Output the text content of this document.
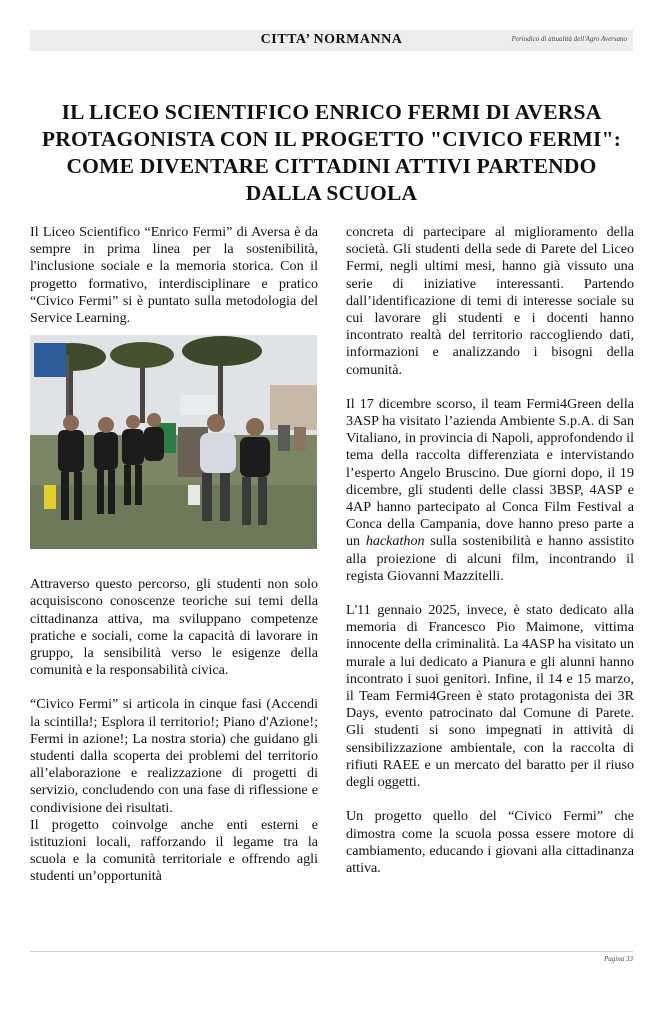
CITTA’ NORMANNA	Periodico di attualità dell'Agro Aversano
IL LICEO SCIENTIFICO ENRICO FERMI DI AVERSA PROTAGONISTA CON IL PROGETTO "CIVICO FERMI": COME DIVENTARE CITTADINI ATTIVI PARTENDO DALLA SCUOLA

Il Liceo Scientifico “Enrico Fermi” di Aversa è da sempre in prima linea per la sostenibilità, l'inclusione sociale e la memoria storica. Con il progetto formativo, interdisciplinare e pratico “Civico Fermi” si è puntato sulla metodologia del Service Learning.

Attraverso questo percorso, gli studenti non solo acquisiscono conoscenze teoriche sui temi della cittadinanza attiva, ma sviluppano competenze pratiche e sociali, come la capacità di lavorare in gruppo, la sensibilità verso le esigenze della comunità e la responsabilità civica.

“Civico Fermi” si articola in cinque fasi (Accendi la scintilla!; Esplora il territorio!; Piano d'Azione!; Fermi in azione!; La nostra storia) che guidano gli studenti dalla scoperta dei problemi del territorio all’elaborazione e realizzazione di progetti di servizio, concludendo con una fase di riflessione e condivisione dei risultati.

Il progetto coinvolge anche enti esterni e istituzioni locali, rafforzando il legame tra la scuola e la comunità territoriale e offrendo agli studenti un’opportunità

concreta di partecipare al miglioramento della società. Gli studenti della sede di Parete del Liceo Fermi, negli ultimi mesi, hanno già vissuto una serie di iniziative interessanti. Partendo dall’identificazione di temi di interesse sociale su cui lavorare gli studenti e i docenti hanno incontrato realtà del territorio raccogliendo dati, informazioni e analizzando i bisogni della comunità.

Il 17 dicembre scorso, il team Fermi4Green della 3ASP ha visitato l’azienda Ambiente S.p.A. di San Vitaliano, in provincia di Napoli, approfondendo il tema della raccolta differenziata e intervistando l’esperto Angelo Bruscino. Due giorni dopo, il 19 dicembre, gli studenti delle classi 3BSP, 4ASP e 4AP hanno partecipato al Conca Film Festival a Conca della Campania, dove hanno preso parte a un hackathon sulla sostenibilità e hanno assistito alla proiezione di alcuni film, incontrando il regista Giovanni Mazzitelli.

L'11 gennaio 2025, invece, è stato dedicato alla memoria di Francesco Pio Maimone, vittima innocente della criminalità. La 4ASP ha visitato un murale a lui dedicato a Pianura e gli alunni hanno incontrato i suoi genitori. Infine, il 14 e 15 marzo, il Team Fermi4Green è stato protagonista dei 3R Days, evento patrocinato dal Comune di Parete. Gli studenti si sono impegnati in attività di sensibilizzazione ambientale, con la raccolta di rifiuti RAEE e un mercato del baratto per il riuso degli oggetti.

Un progetto quello del “Civico Fermi” che dimostra come la scuola possa essere motore di cambiamento, educando i giovani alla cittadinanza attiva.

Pagina 33
